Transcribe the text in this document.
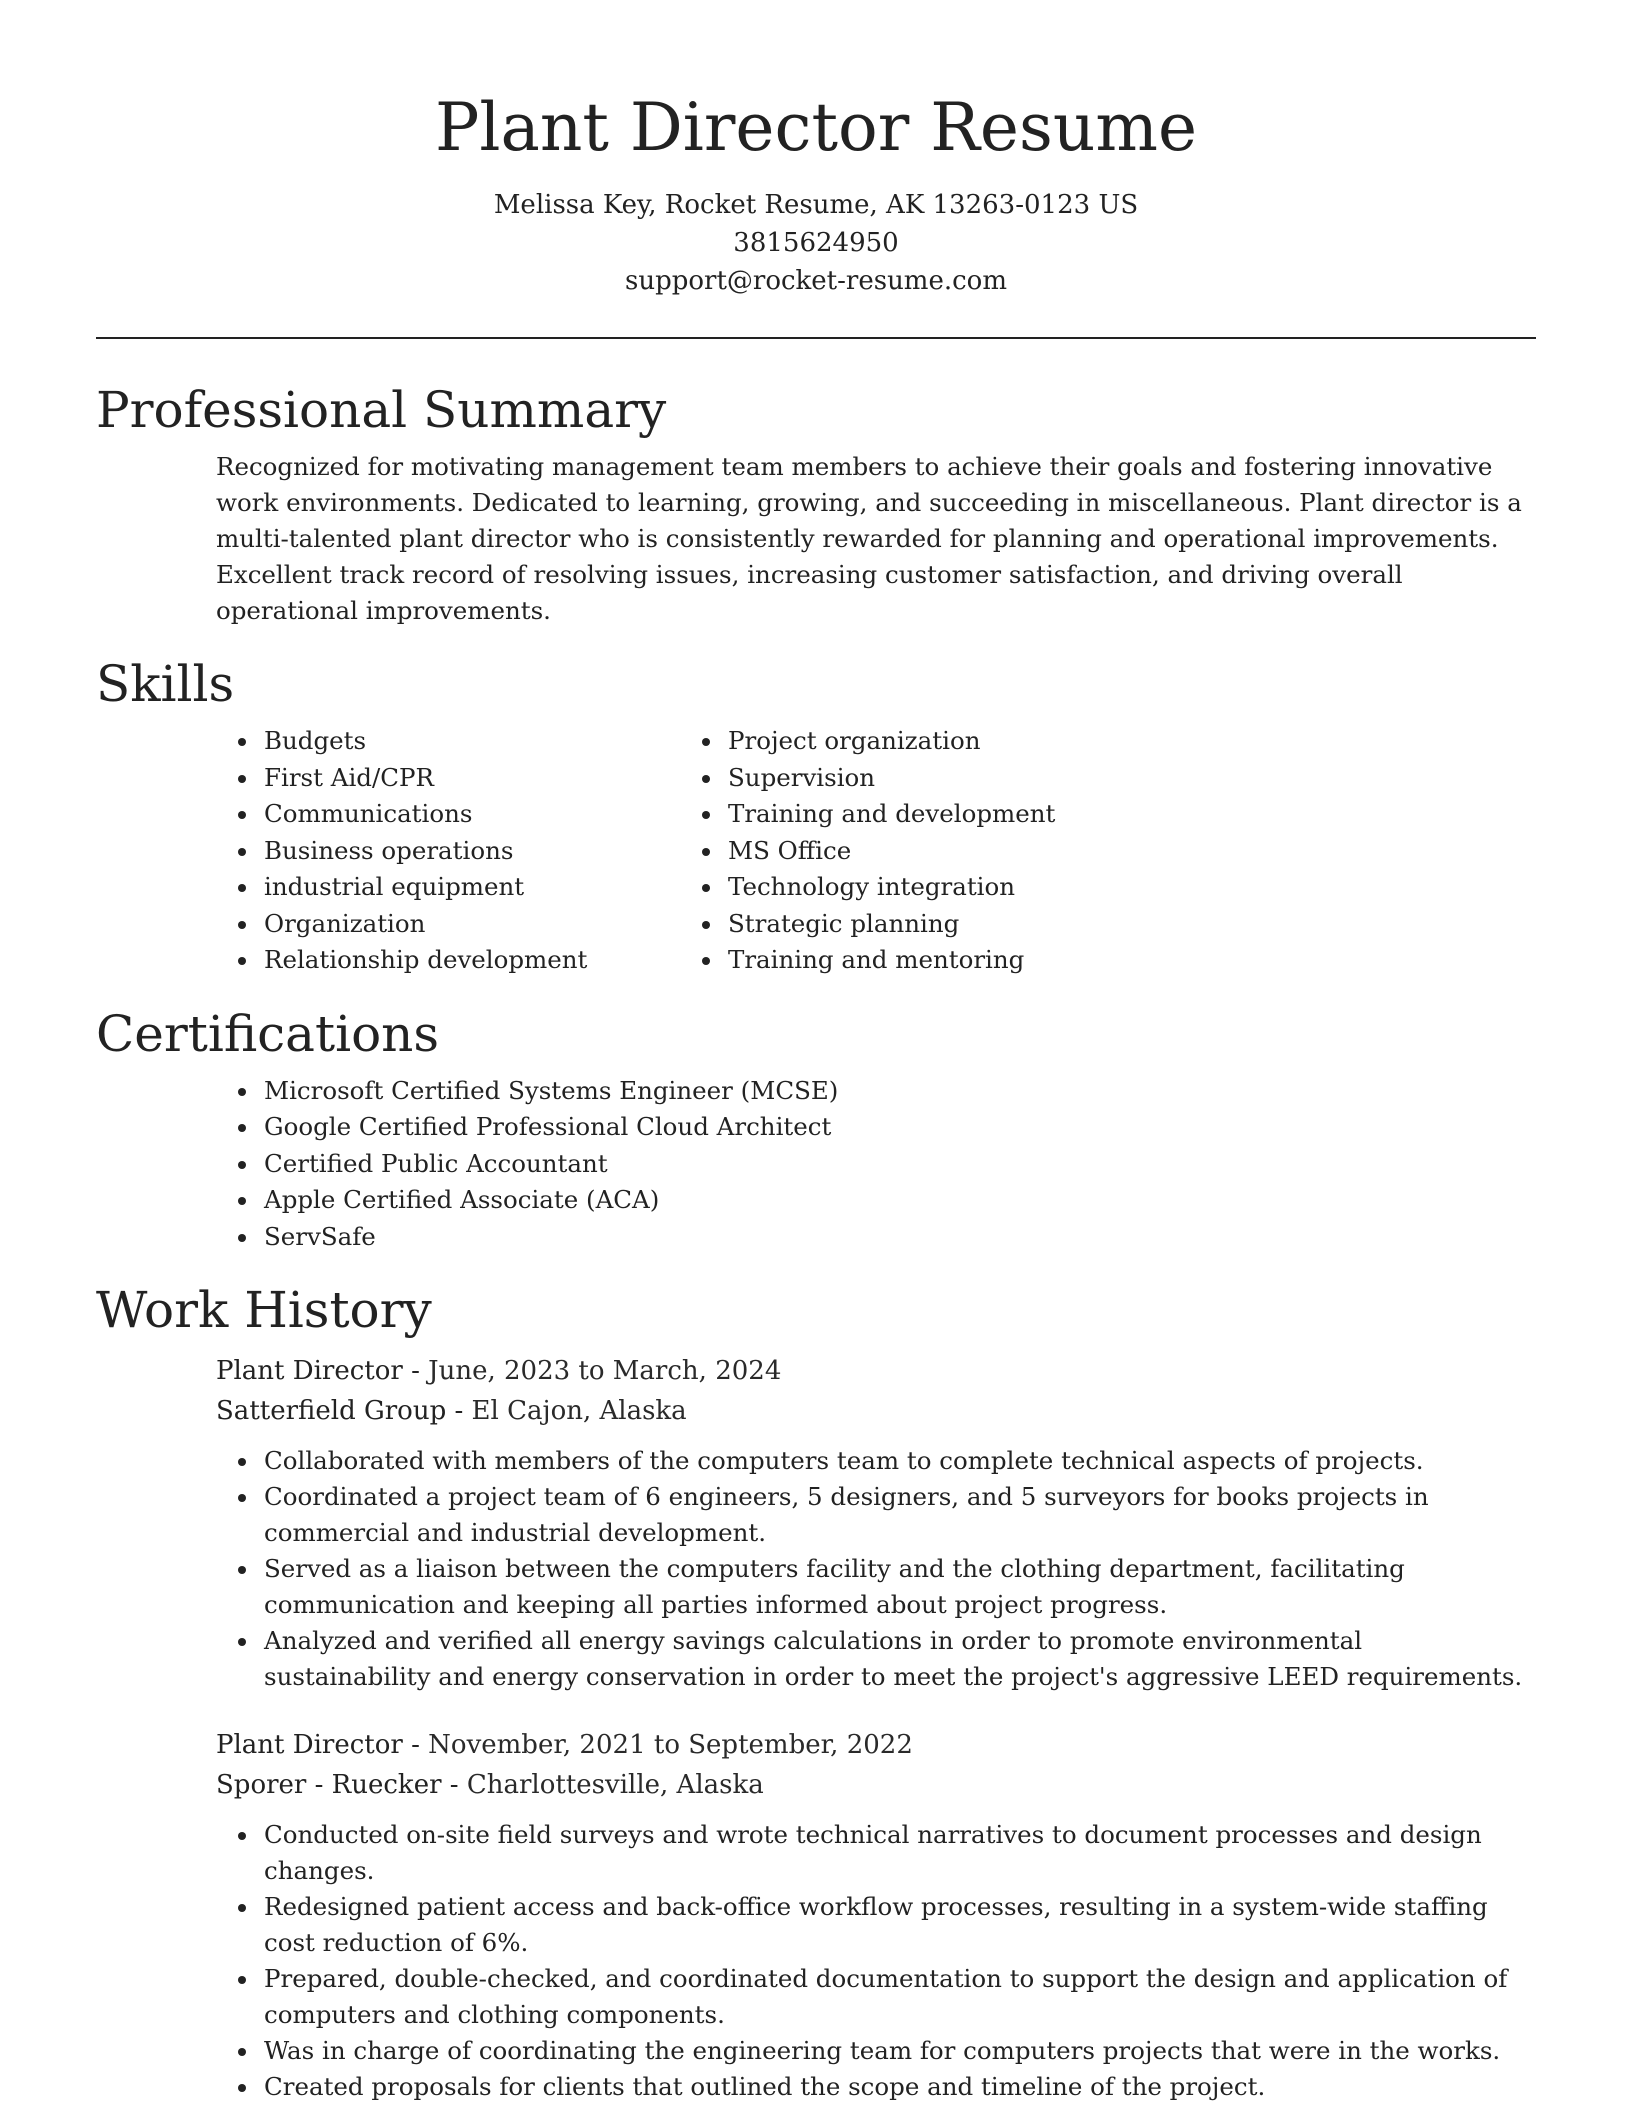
Plant Director Resume
Melissa Key, Rocket Resume, AK 13263-0123 US
3815624950
support@rocket-resume.com
Professional Summary

Recognized for motivating management team members to achieve their goals and fostering innovative work environments. Dedicated to learning, growing, and succeeding in miscellaneous. Plant director is a multi-talented plant director who is consistently rewarded for planning and operational improvements. Excellent track record of resolving issues, increasing customer satisfaction, and driving overall operational improvements.

Skills
• Budgets
• First Aid/CPR
• Communications
• Business operations
• industrial equipment
• Organization
• Relationship development
• Project organization
• Supervision
• Training and development
• MS Office
• Technology integration
• Strategic planning
• Training and mentoring
Certifications
• Microsoft Certified Systems Engineer (MCSE)
• Google Certified Professional Cloud Architect
• Certified Public Accountant
• Apple Certified Associate (ACA)
• ServSafe
Work History
Plant Director - June, 2023 to March, 2024
Satterfield Group - El Cajon, Alaska
• Collaborated with members of the computers team to complete technical aspects of projects.
• Coordinated a project team of 6 engineers, 5 designers, and 5 surveyors for books projects in commercial and industrial development.
• Served as a liaison between the computers facility and the clothing department, facilitating communication and keeping all parties informed about project progress.
• Analyzed and verified all energy savings calculations in order to promote environmental sustainability and energy conservation in order to meet the project's aggressive LEED requirements.
Plant Director - November, 2021 to September, 2022
Sporer - Ruecker - Charlottesville, Alaska
• Conducted on-site field surveys and wrote technical narratives to document processes and design changes.
• Redesigned patient access and back-office workflow processes, resulting in a system-wide staffing cost reduction of 6%.
• Prepared, double-checked, and coordinated documentation to support the design and application of computers and clothing components.
• Was in charge of coordinating the engineering team for computers projects that were in the works.
• Created proposals for clients that outlined the scope and timeline of the project.
